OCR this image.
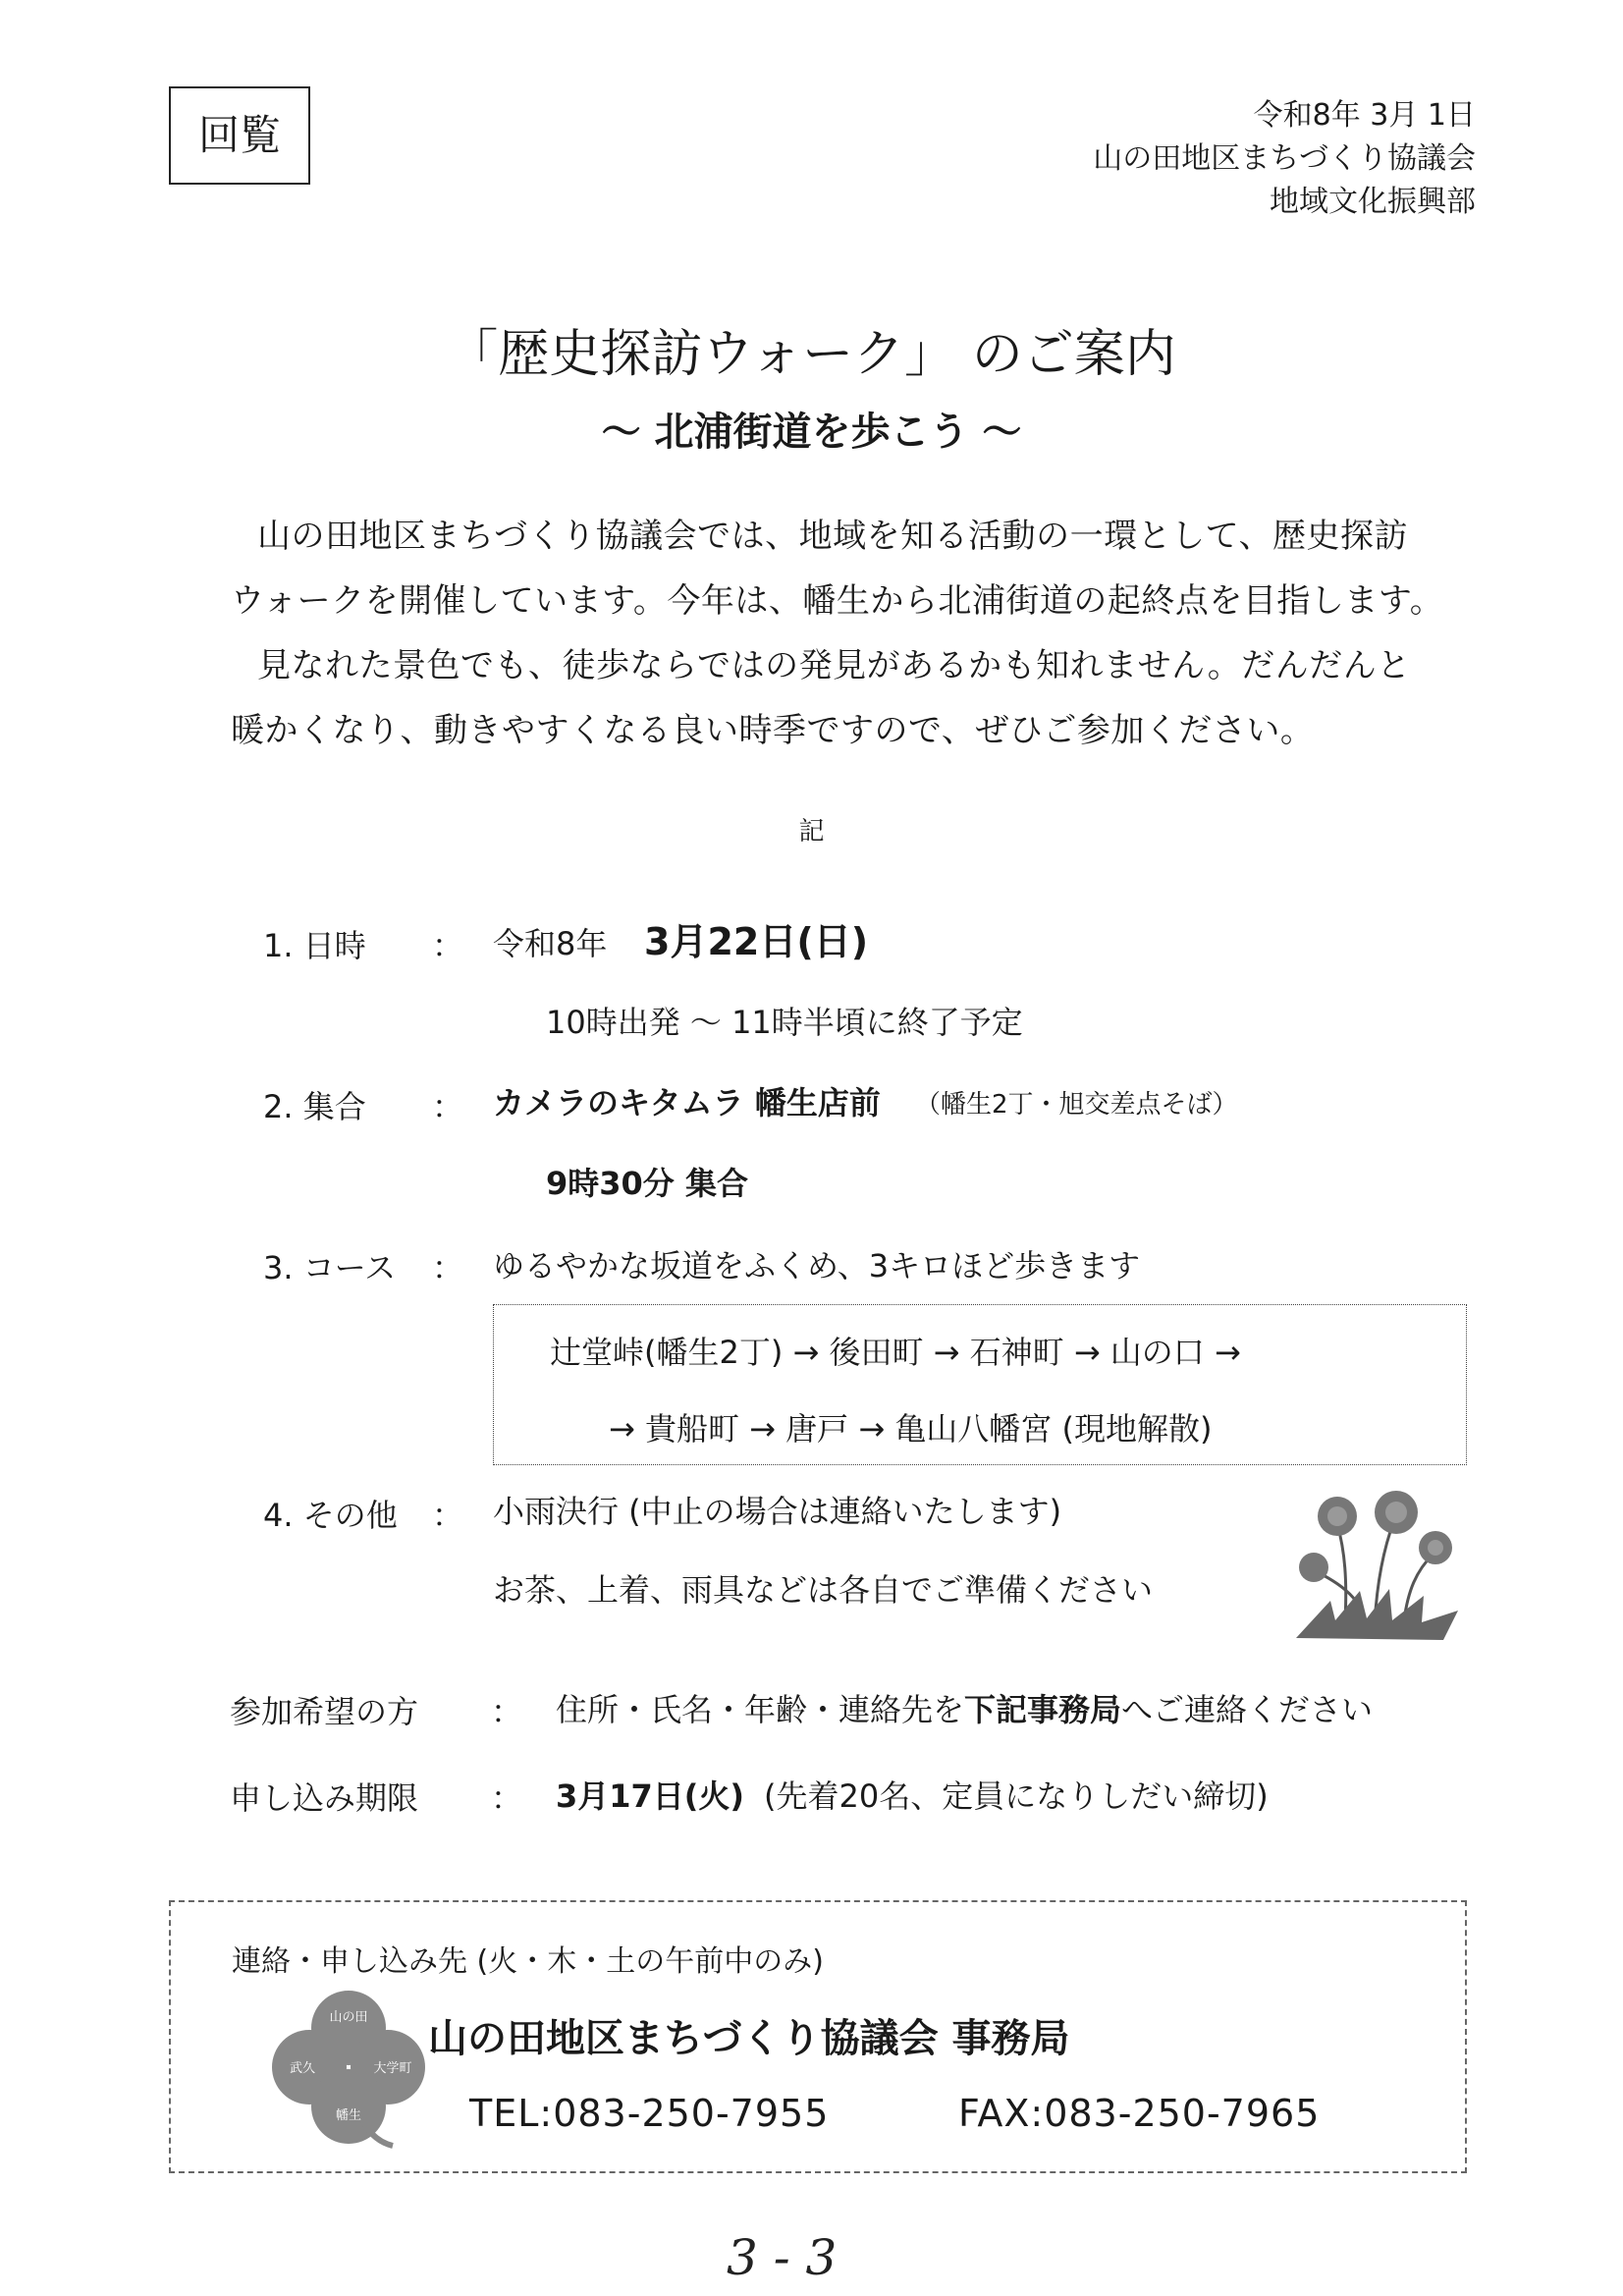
回覧	令和8年 3月 1日
山の田地区まちづくり協議会
地域文化振興部
「歴史探訪ウォーク」 のご案内
～ 北浦街道を歩こう ～
山の田地区まちづくり協議会では、地域を知る活動の一環として、歴史探訪
ウォークを開催しています。今年は、幡生から北浦街道の起終点を目指します。
見なれた景色でも、徒歩ならではの発見があるかも知れません。だんだんと
暖かくなり、動きやすくなる良い時季ですので、ぜひご参加ください。
記
1. 日時 ： 令和8年 3月22日(日)
10時出発 ～ 11時半頃に終了予定
2. 集合 ： カメラのキタムラ 幡生店前 （幡生2丁・旭交差点そば）
9時30分 集合
3. コース ： ゆるやかな坂道をふくめ、3キロほど歩きます
辻堂峠(幡生2丁) → 後田町 → 石神町 → 山の口 →
→ 貴船町 → 唐戸 → 亀山八幡宮 (現地解散)
4. その他 ： 小雨決行 (中止の場合は連絡いたします)
お茶、上着、雨具などは各自でご準備ください
参加希望の方 ： 住所・氏名・年齢・連絡先を下記事務局へご連絡ください
申し込み期限 ： 3月17日(火) (先着20名、定員になりしだい締切)
連絡・申し込み先 (火・木・土の午前中のみ)
山の田
武久	大学町
幡生
山の田地区まちづくり協議会 事務局
TEL:083-250-7955	FAX:083-250-7965
3 - 3
